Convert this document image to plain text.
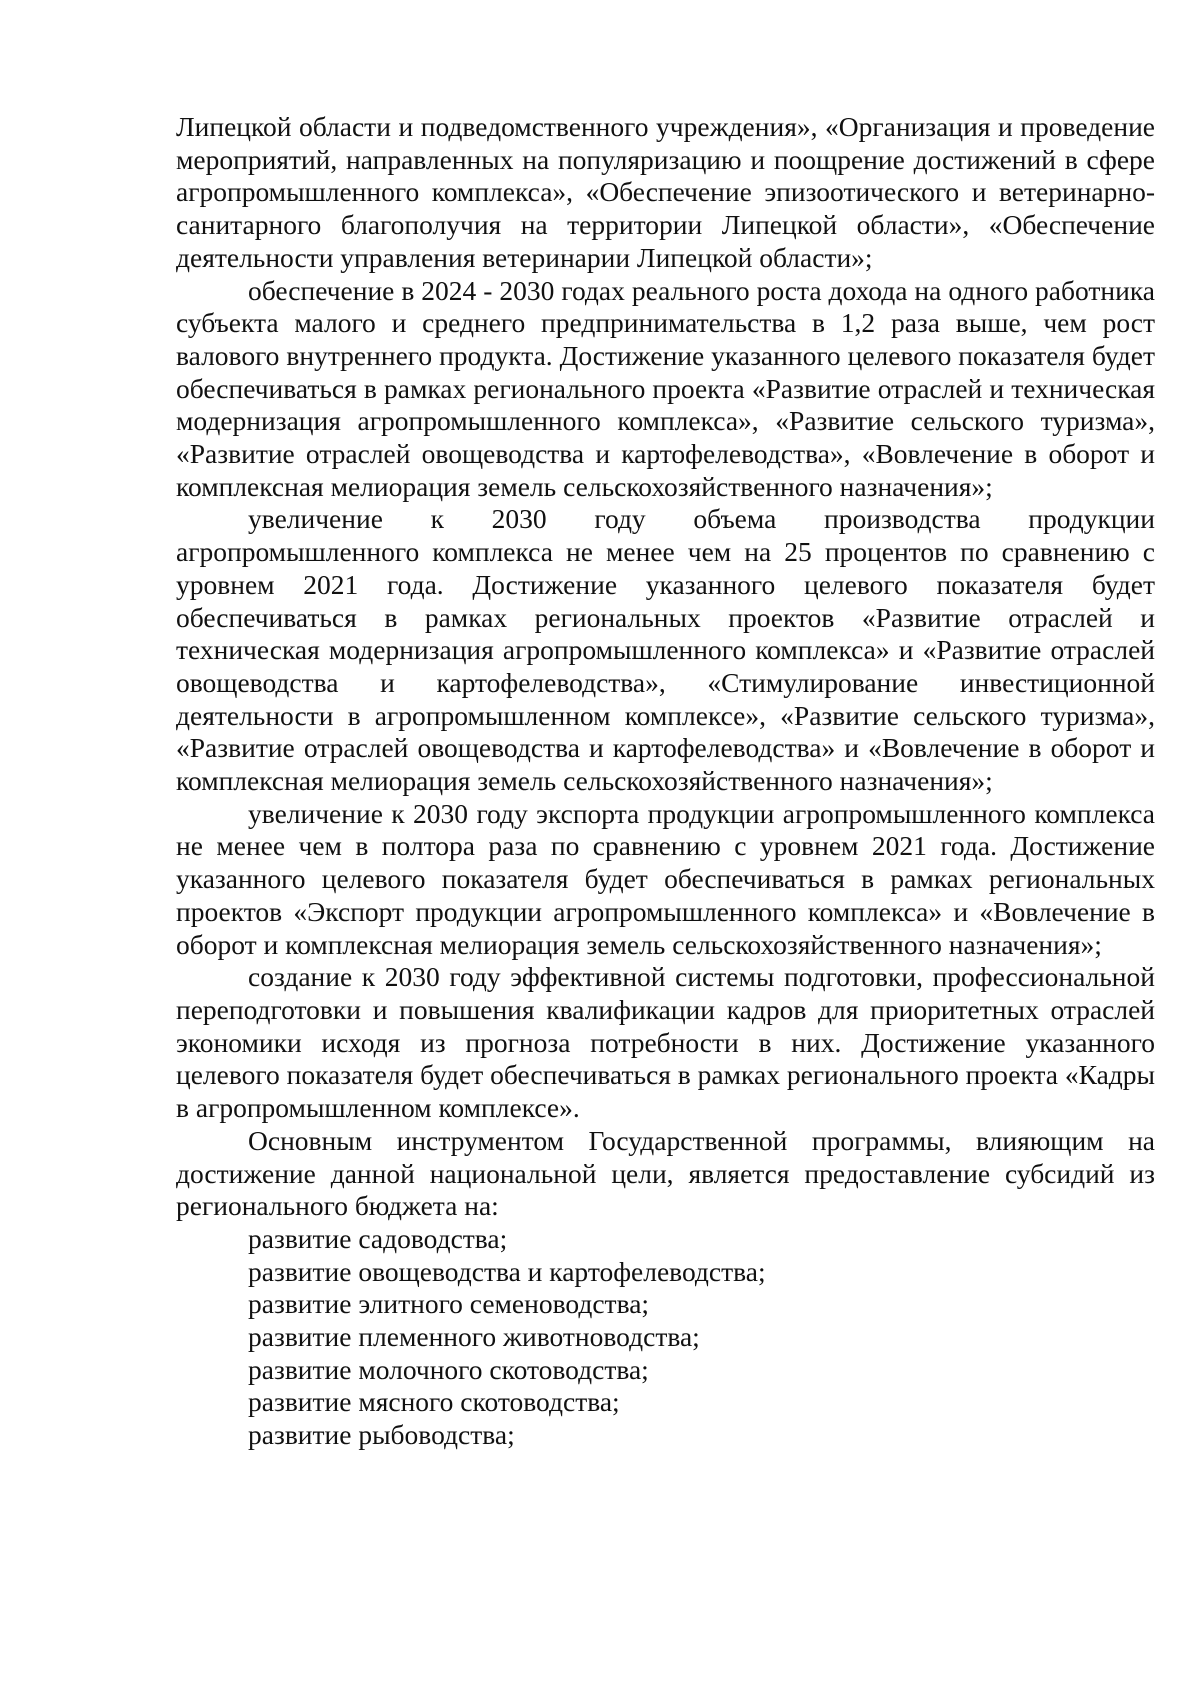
Липецкой области и подведомственного учреждения», «Организация и проведение мероприятий, направленных на популяризацию и поощрение достижений в сфере агропромышленного комплекса», «Обеспечение эпизоотического и ветеринарно-санитарного благополучия на территории Липецкой области», «Обеспечение деятельности управления ветеринарии Липецкой области»;

обеспечение в 2024 - 2030 годах реального роста дохода на одного работника субъекта малого и среднего предпринимательства в 1,2 раза выше, чем рост валового внутреннего продукта. Достижение указанного целевого показателя будет обеспечиваться в рамках регионального проекта «Развитие отраслей и техническая модернизация агропромышленного комплекса», «Развитие сельского туризма», «Развитие отраслей овощеводства и картофелеводства», «Вовлечение в оборот и комплексная мелиорация земель сельскохозяйственного назначения»;

увеличение к 2030 году объема производства продукции агропромышленного комплекса не менее чем на 25 процентов по сравнению с уровнем 2021 года. Достижение указанного целевого показателя будет обеспечиваться в рамках региональных проектов «Развитие отраслей и техническая модернизация агропромышленного комплекса» и «Развитие отраслей овощеводства и картофелеводства», «Стимулирование инвестиционной деятельности в агропромышленном комплексе», «Развитие сельского туризма», «Развитие отраслей овощеводства и картофелеводства» и «Вовлечение в оборот и комплексная мелиорация земель сельскохозяйственного назначения»;

увеличение к 2030 году экспорта продукции агропромышленного комплекса не менее чем в полтора раза по сравнению с уровнем 2021 года. Достижение указанного целевого показателя будет обеспечиваться в рамках региональных проектов «Экспорт продукции агропромышленного комплекса» и «Вовлечение в оборот и комплексная мелиорация земель сельскохозяйственного назначения»;

создание к 2030 году эффективной системы подготовки, профессиональной переподготовки и повышения квалификации кадров для приоритетных отраслей экономики исходя из прогноза потребности в них. Достижение указанного целевого показателя будет обеспечиваться в рамках регионального проекта «Кадры в агропромышленном комплексе».

Основным инструментом Государственной программы, влияющим на достижение данной национальной цели, является предоставление субсидий из регионального бюджета на:

развитие садоводства;

развитие овощеводства и картофелеводства;

развитие элитного семеноводства;

развитие племенного животноводства;

развитие молочного скотоводства;

развитие мясного скотоводства;

развитие рыбоводства;
